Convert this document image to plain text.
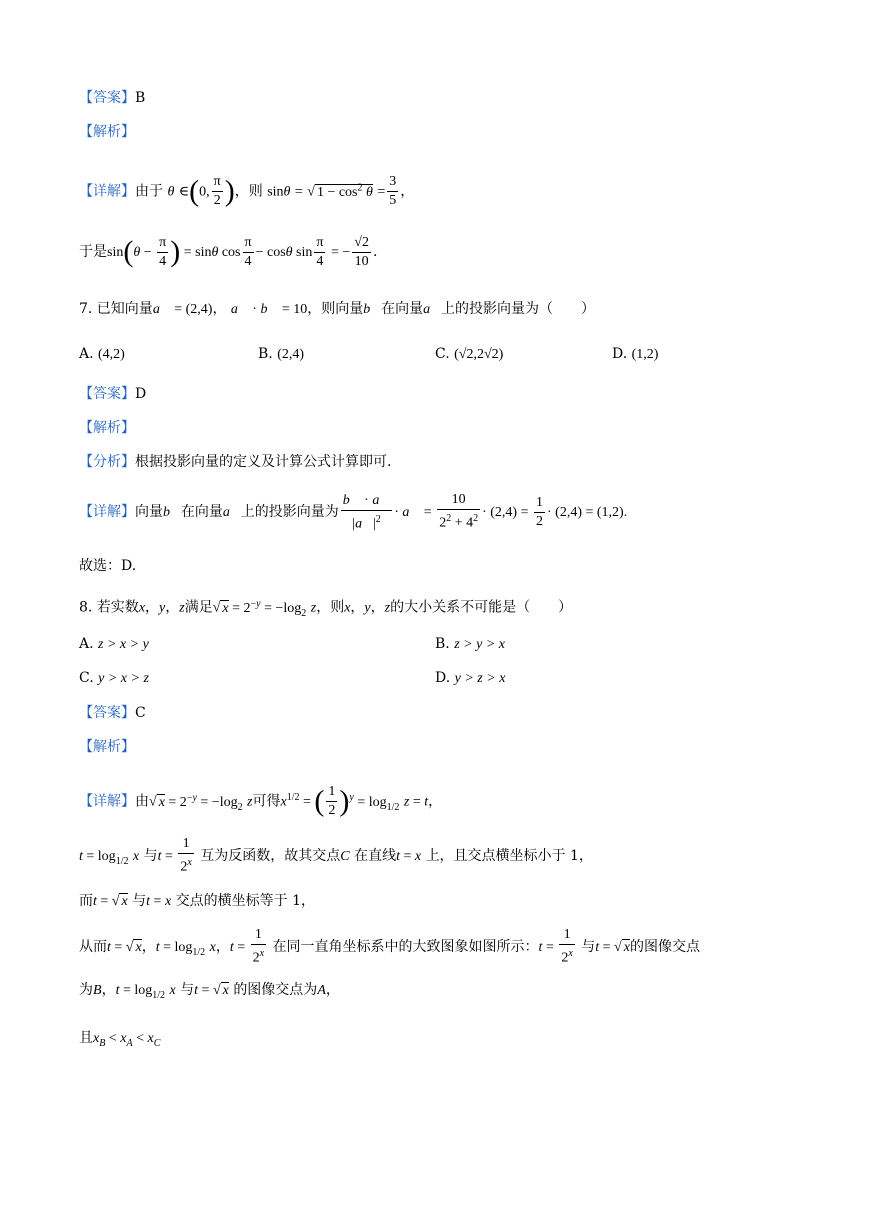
【答案】B
【解析】
【详解】由于 θ ∈(0, $\frac{\pi}{2}$ )，则 sinθ = √ $1 - \cos^2 \theta = \frac{3}{5}$ ，
于是$\sin(\theta - \frac{\pi}{4}$ ) = sinθ $\cos \frac{\pi}{4} - \cos\theta$ $\sin \frac{\pi}{4}$ = − $\frac{√2}{10}$ .
7. 已知向量a⃗ = (2,4)， a⃗ · b⃗ = 10，则向量b⃗在向量a⃗上的投影向量为（　　）
A. (4,2)	B. (2,4)	C. (√2,2√2)	D. (1,2)
【答案】D
【解析】
【分析】根据投影向量的定义及计算公式计算即可.
【详解】向量b⃗在向量a⃗上的投影向量为 $\frac{b⃗ \cdot a⃗}{|a⃗|^2}$ · a⃗ = $\frac{10}{2^2 + 4^2} \cdot (2,4) = \frac{1}{2} \cdot (2,4) = (1,2)$.
故选：D.
8. 若实数x，y，z满足√ $x = 2^{-y} = -\log_2$ z，则x，y，z的大小关系不可能是（　　）
A. z > x > y	B. z > y > x
C. y > x > z	D. y > z > x
【答案】C
【解析】
【详解】由√ $x = 2^{-y} = -\log_2$ z可得$x^{1/2}$ = ( $\frac{1}{2} )^y = \log_{1/2} z = t$，
$t = \log_{1/2} x$ 与$t = \frac{1}{2^x}$ 互为反函数，故其交点C 在直线t = x 上，且交点横坐标小于 1，
而t = √ x 与t = x 交点的横坐标等于 1，
从而t = √ x，$t = \log_{1/2} x$，$t = \frac{1}{2^x}$ 在同一直角坐标系中的大致图象如图所示：$t = \frac{1}{2^x}$ 与t = √ x的图像交点
为B，$t = \log_{1/2} x$ 与t = √ x 的图像交点为A，
且$x_B < x_A < x_C$
